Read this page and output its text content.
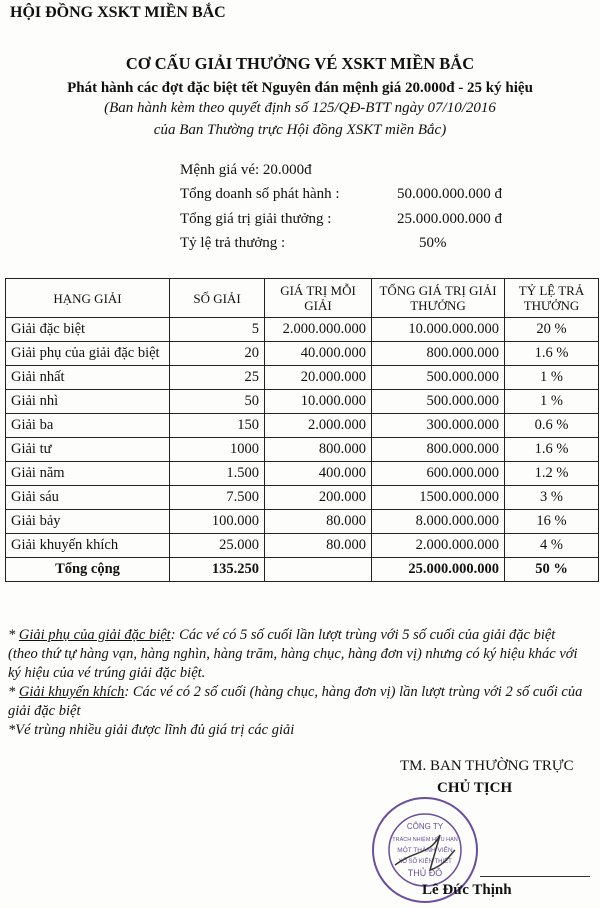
HỘI ĐỒNG XSKT MIỀN BẮC
CƠ CẤU GIẢI THƯỞNG VÉ XSKT MIỀN BẮC
Phát hành các đợt đặc biệt tết Nguyên đán mệnh giá 20.000đ - 25 ký hiệu
(Ban hành kèm theo quyết định số 125/QĐ-BTT ngày 07/10/2016
của Ban Thường trực Hội đồng XSKT miền Bắc)
Mệnh giá vé: 20.000đ
Tổng doanh số phát hành :	50.000.000.000 đ
Tổng giá trị giải thưởng :	25.000.000.000 đ
Tỷ lệ trả thưởng :	50%
HẠNG GIẢI	SỐ GIẢI	GIÁ TRỊ MỖI GIẢI	TỔNG GIÁ TRỊ GIẢI THƯỞNG	TỶ LỆ TRẢ THƯỞNG
Giải đặc biệt	5	2.000.000.000	10.000.000.000	20 %
Giải phụ của giải đặc biệt	20	40.000.000	800.000.000	1.6 %
Giải nhất	25	20.000.000	500.000.000	1 %
Giải nhì	50	10.000.000	500.000.000	1 %
Giải ba	150	2.000.000	300.000.000	0.6 %
Giải tư	1000	800.000	800.000.000	1.6 %
Giải năm	1.500	400.000	600.000.000	1.2 %
Giải sáu	7.500	200.000	1500.000.000	3 %
Giải bảy	100.000	80.000	8.000.000.000	16 %
Giải khuyến khích	25.000	80.000	2.000.000.000	4 %
Tổng cộng	135.250		25.000.000.000	50 %
* Giải phụ của giải đặc biệt: Các vé có 5 số cuối lần lượt trùng với 5 số cuối của giải đặc biệt (theo thứ tự hàng vạn, hàng nghìn, hàng trăm, hàng chục, hàng đơn vị) nhưng có ký hiệu khác với ký hiệu của vé trúng giải đặc biệt.
* Giải khuyến khích: Các vé có 2 số cuối (hàng chục, hàng đơn vị) lần lượt trùng với 2 số cuối của giải đặc biệt
*Vé trùng nhiều giải được lĩnh đủ giá trị các giải
TM. BAN THƯỜNG TRỰC
CHỦ TỊCH
CÔNG TY
TRÁCH NHIỆM HỮU HẠN
MỘT THÀNH VIÊN
XỔ SỐ KIẾN THIẾT
THỦ ĐÔ
Lê Đức Thịnh
